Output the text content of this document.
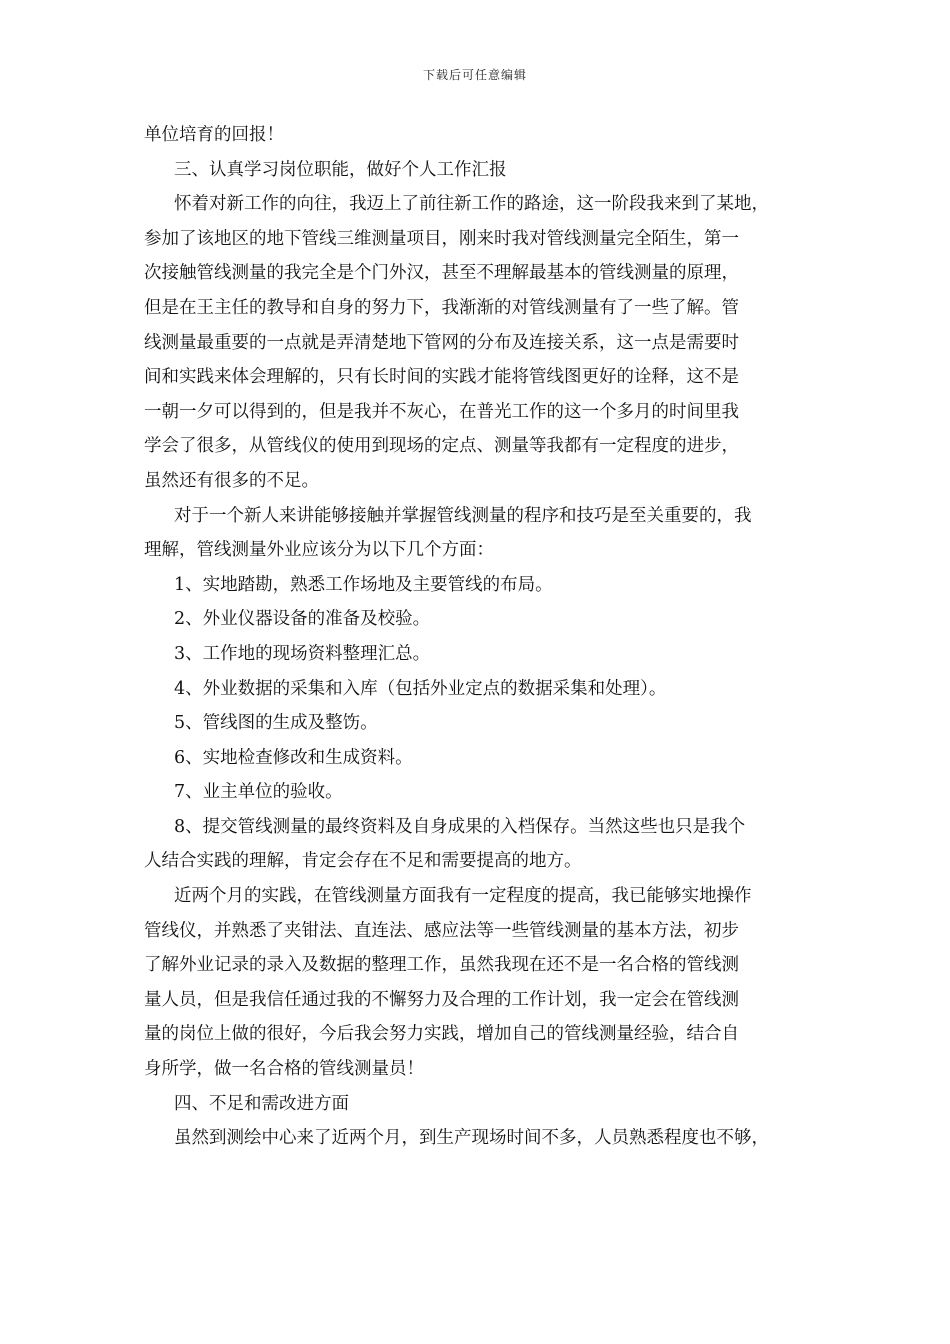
下载后可任意编辑
单位培育的回报！
三、认真学习岗位职能，做好个人工作汇报
怀着对新工作的向往，我迈上了前往新工作的路途，这一阶段我来到了某地，
参加了该地区的地下管线三维测量项目，刚来时我对管线测量完全陌生，第一
次接触管线测量的我完全是个门外汉，甚至不理解最基本的管线测量的原理，
但是在王主任的教导和自身的努力下，我渐渐的对管线测量有了一些了解。管
线测量最重要的一点就是弄清楚地下管网的分布及连接关系，这一点是需要时
间和实践来体会理解的，只有长时间的实践才能将管线图更好的诠释，这不是
一朝一夕可以得到的，但是我并不灰心，在普光工作的这一个多月的时间里我
学会了很多，从管线仪的使用到现场的定点、测量等我都有一定程度的进步，
虽然还有很多的不足。
对于一个新人来讲能够接触并掌握管线测量的程序和技巧是至关重要的，我
理解，管线测量外业应该分为以下几个方面：
1、实地踏勘，熟悉工作场地及主要管线的布局。
2、外业仪器设备的准备及校验。
3、工作地的现场资料整理汇总。
4、外业数据的采集和入库（包括外业定点的数据采集和处理）。
5、管线图的生成及整饬。
6、实地检查修改和生成资料。
7、业主单位的验收。
8、提交管线测量的最终资料及自身成果的入档保存。当然这些也只是我个
人结合实践的理解，肯定会存在不足和需要提高的地方。
近两个月的实践，在管线测量方面我有一定程度的提高，我已能够实地操作
管线仪，并熟悉了夹钳法、直连法、感应法等一些管线测量的基本方法，初步
了解外业记录的录入及数据的整理工作，虽然我现在还不是一名合格的管线测
量人员，但是我信任通过我的不懈努力及合理的工作计划，我一定会在管线测
量的岗位上做的很好，今后我会努力实践，增加自己的管线测量经验，结合自
身所学，做一名合格的管线测量员！
四、不足和需改进方面
虽然到测绘中心来了近两个月，到生产现场时间不多，人员熟悉程度也不够，
